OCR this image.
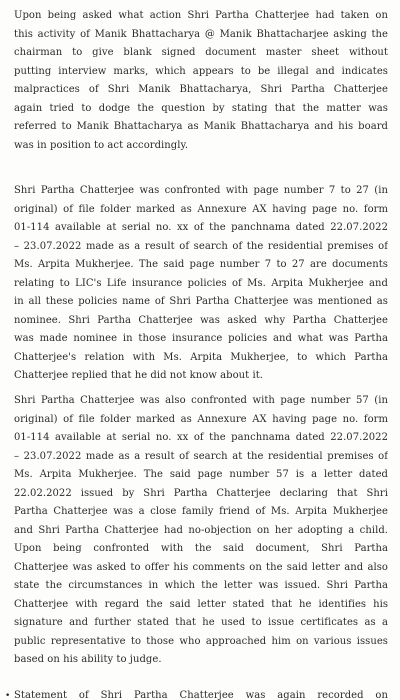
Upon being asked what action Shri Partha Chatterjee had taken on
this activity of Manik Bhattacharya @ Manik Bhattacharjee asking the
chairman to give blank signed document master sheet without
putting interview marks, which appears to be illegal and indicates
malpractices of Shri Manik Bhattacharya, Shri Partha Chatterjee
again tried to dodge the question by stating that the matter was
referred to Manik Bhattacharya as Manik Bhattacharya and his board
was in position to act accordingly.
Shri Partha Chatterjee was confronted with page number 7 to 27 (in
original) of file folder marked as Annexure AX having page no. form
01-114 available at serial no. xx of the panchnama dated 22.07.2022
– 23.07.2022 made as a result of search of the residential premises of
Ms. Arpita Mukherjee. The said page number 7 to 27 are documents
relating to LIC's Life insurance policies of Ms. Arpita Mukherjee and
in all these policies name of Shri Partha Chatterjee was mentioned as
nominee. Shri Partha Chatterjee was asked why Partha Chatterjee
was made nominee in those insurance policies and what was Partha
Chatterjee's relation with Ms. Arpita Mukherjee, to which Partha
Chatterjee replied that he did not know about it.
Shri Partha Chatterjee was also confronted with page number 57 (in
original) of file folder marked as Annexure AX having page no. form
01-114 available at serial no. xx of the panchnama dated 22.07.2022
– 23.07.2022 made as a result of search at the residential premises of
Ms. Arpita Mukherjee. The said page number 57 is a letter dated
22.02.2022 issued by Shri Partha Chatterjee declaring that Shri
Partha Chatterjee was a close family friend of Ms. Arpita Mukherjee
and Shri Partha Chatterjee had no-objection on her adopting a child.
Upon being confronted with the said document, Shri Partha
Chatterjee was asked to offer his comments on the said letter and also
state the circumstances in which the letter was issued. Shri Partha
Chatterjee with regard the said letter stated that he identifies his
signature and further stated that he used to issue certificates as a
public representative to those who approached him on various issues
based on his ability to judge.
• Statement of Shri Partha Chatterjee was again recorded on
